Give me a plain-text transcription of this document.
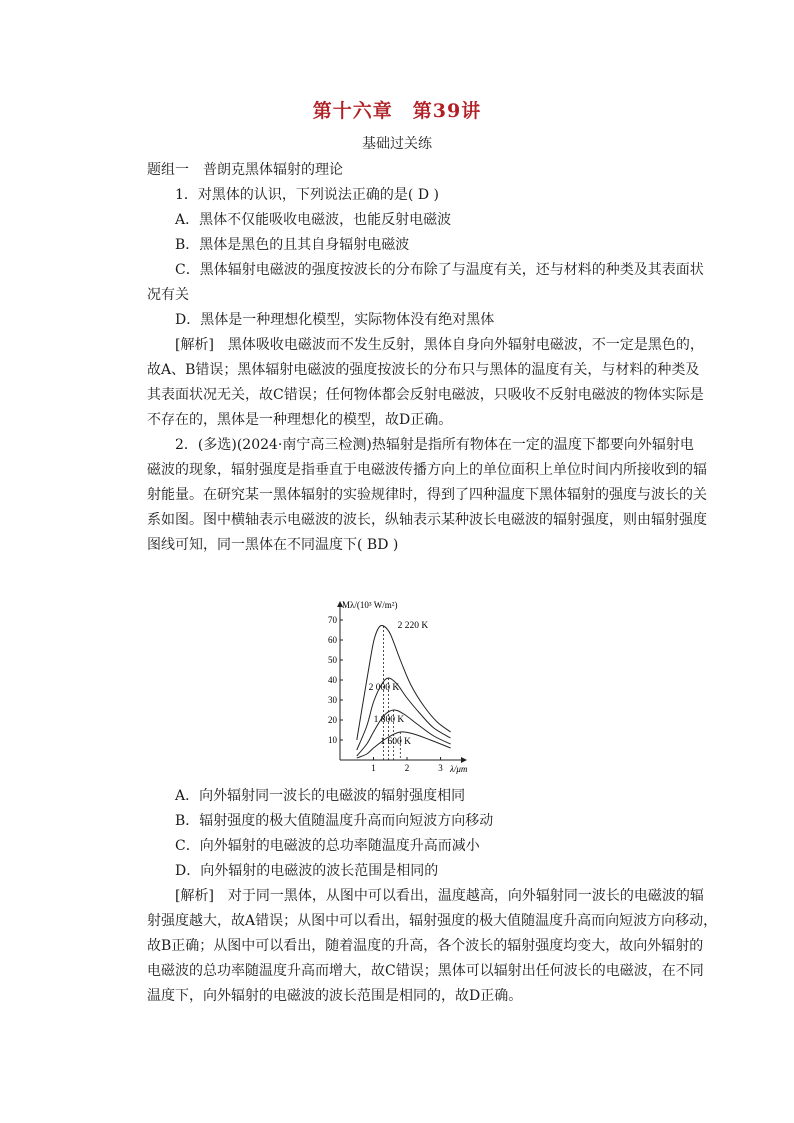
第十六章　第39讲
基础过关练

题组一　普朗克黑体辐射的理论

1．对黑体的认识，下列说法正确的是( D )

A．黑体不仅能吸收电磁波，也能反射电磁波

B．黑体是黑色的且其自身辐射电磁波

C．黑体辐射电磁波的强度按波长的分布除了与温度有关，还与材料的种类及其表面状

况有关

D．黑体是一种理想化模型，实际物体没有绝对黑体

[解析]　黑体吸收电磁波而不发生反射，黑体自身向外辐射电磁波，不一定是黑色的，

故A、B错误；黑体辐射电磁波的强度按波长的分布只与黑体的温度有关，与材料的种类及

其表面状况无关，故C错误；任何物体都会反射电磁波，只吸收不反射电磁波的物体实际是

不存在的，黑体是一种理想化的模型，故D正确。

2．(多选)(2024·南宁高三检测)热辐射是指所有物体在一定的温度下都要向外辐射电

磁波的现象，辐射强度是指垂直于电磁波传播方向上的单位面积上单位时间内所接收到的辐

射能量。在研究某一黑体辐射的实验规律时，得到了四种温度下黑体辐射的强度与波长的关

系如图。图中横轴表示电磁波的波长，纵轴表示某种波长电磁波的辐射强度，则由辐射强度

图线可知，同一黑体在不同温度下( BD )

10
20
30
40
50
60
70
1	2	3
2 220 K
2 000 K
1 800 K
1 600 K
Mλ/(10³ W/m²)
λ/μm

A．向外辐射同一波长的电磁波的辐射强度相同

B．辐射强度的极大值随温度升高而向短波方向移动

C．向外辐射的电磁波的总功率随温度升高而减小

D．向外辐射的电磁波的波长范围是相同的

[解析]　对于同一黑体，从图中可以看出，温度越高，向外辐射同一波长的电磁波的辐

射强度越大，故A错误；从图中可以看出，辐射强度的极大值随温度升高而向短波方向移动，

故B正确；从图中可以看出，随着温度的升高，各个波长的辐射强度均变大，故向外辐射的

电磁波的总功率随温度升高而增大，故C错误；黑体可以辐射出任何波长的电磁波，在不同

温度下，向外辐射的电磁波的波长范围是相同的，故D正确。
